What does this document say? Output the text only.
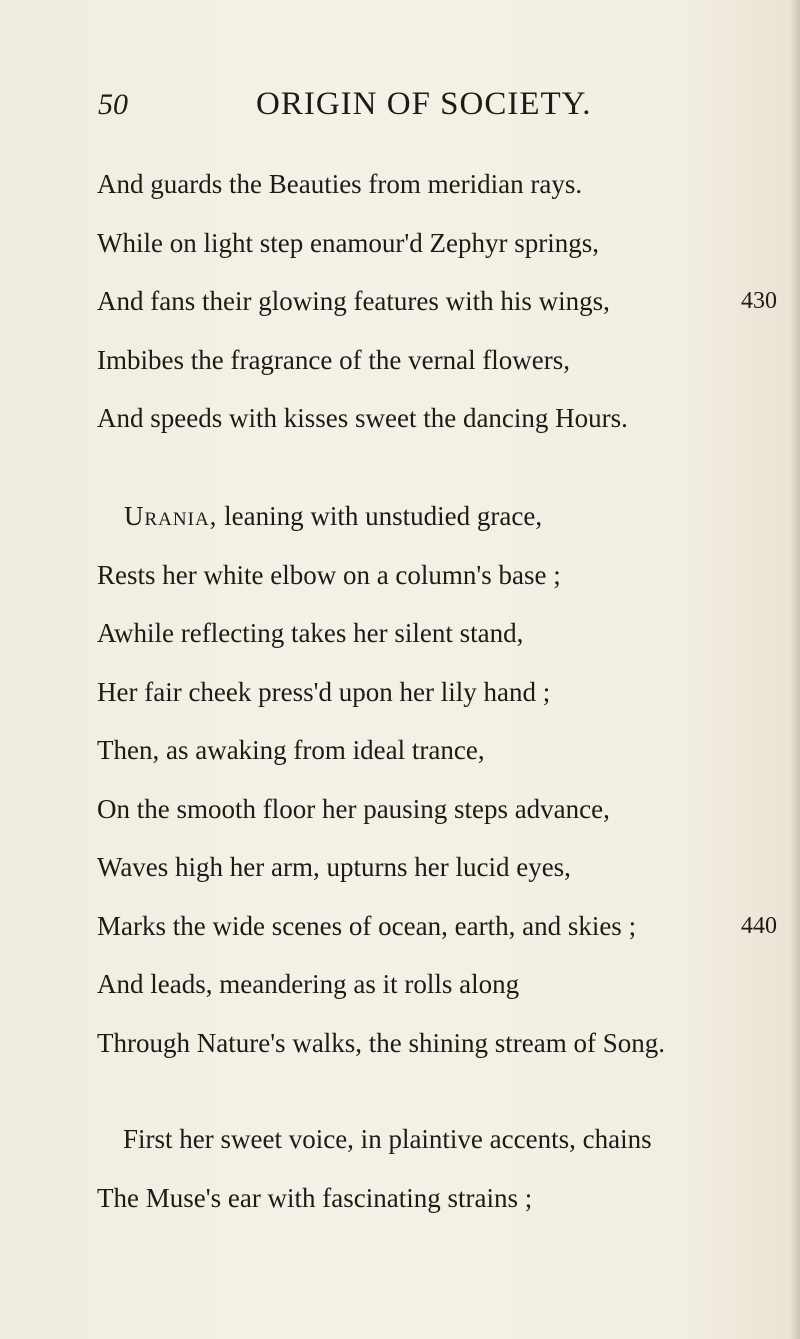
50	ORIGIN OF SOCIETY.
And guards the Beauties from meridian rays.
While on light step enamour'd Zephyr springs,
And fans their glowing features with his wings,	430
Imbibes the fragrance of the vernal flowers,
And speeds with kisses sweet the dancing Hours.
Urania, leaning with unstudied grace,
Rests her white elbow on a column's base ;
Awhile reflecting takes her silent stand,
Her fair cheek press'd upon her lily hand ;
Then, as awaking from ideal trance,
On the smooth floor her pausing steps advance,
Waves high her arm, upturns her lucid eyes,
Marks the wide scenes of ocean, earth, and skies ;	440
And leads, meandering as it rolls along
Through Nature's walks, the shining stream of Song.
First her sweet voice, in plaintive accents, chains
The Muse's ear with fascinating strains ;
